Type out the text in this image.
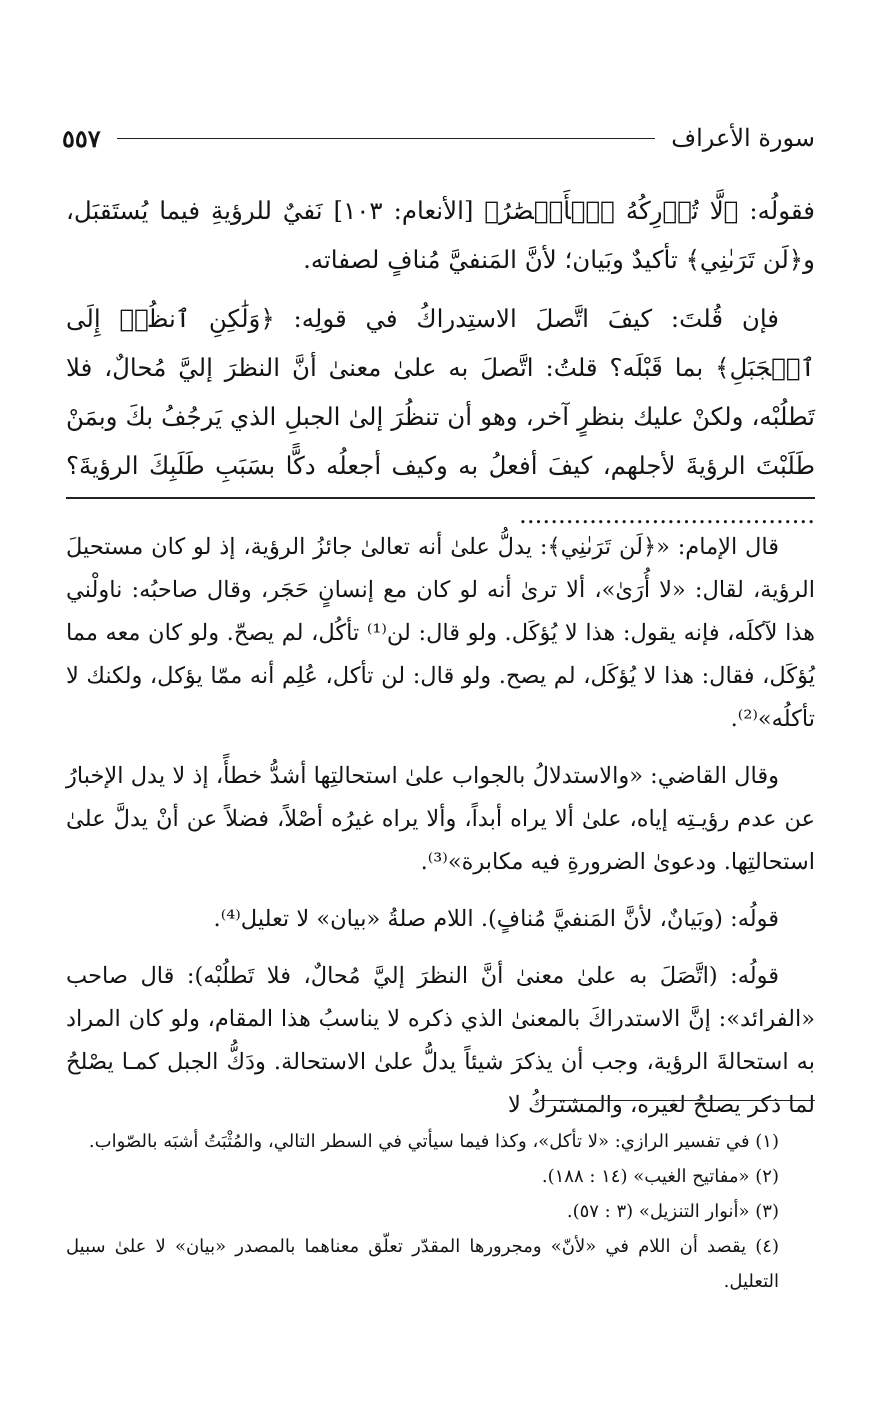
سورة الأعراف
٥٥٧

فقولُه: ﴿لَّا تُدۡرِكُهُ ٱلۡأَبۡصَٰرُ﴾ [الأنعام: ١٠٣] نَفيٌ للرؤيةِ فيما يُستَقبَل، و﴿لَن تَرَىٰنِي﴾ تأكيدٌ وبَيان؛ لأنَّ المَنفيَّ مُنافٍ لصفاته.

فإن قُلتَ: كيفَ اتَّصلَ الاستِدراكُ في قولِه: ﴿وَلَٰكِنِ ٱنظُرۡ إِلَى ٱلۡجَبَلِ﴾ بما قَبْلَه؟ قلتُ: اتَّصلَ به علىٰ معنىٰ أنَّ النظرَ إليَّ مُحالٌ، فلا تَطلُبْه، ولكنْ عليك بنظرٍ آخر، وهو أن تنظُرَ إلىٰ الجبلِ الذي يَرجُفُ بكَ وبمَنْ طَلَبْتَ الرؤيةَ لأجلهم، كيفَ أفعلُ به وكيف أجعلُه دكًّا بسَبَبِ طَلَبِكَ الرؤيةَ؟ ......................................

قال الإمام: «﴿لَن تَرَىٰنِي﴾: يدلُّ علىٰ أنه تعالىٰ جائزُ الرؤية، إذ لو كان مستحيلَ الرؤية، لقال: «لا أُرَىٰ»، ألا ترىٰ أنه لو كان مع إنسانٍ حَجَر، وقال صاحبُه: ناولْني هذا لآكلَه، فإنه يقول: هذا لا يُؤكَل. ولو قال: لن⁽¹⁾ تأكُل، لم يصحّ. ولو كان معه مما يُؤكَل، فقال: هذا لا يُؤكَل، لم يصح. ولو قال: لن تأكل، عُلِم أنه ممّا يؤكل، ولكنك لا تأكلُه»⁽²⁾.

وقال القاضي: «والاستدلالُ بالجواب علىٰ استحالتِها أشدُّ خطأً، إذ لا يدل الإخبارُ عن عدم رؤيـتِه إياه، علىٰ ألا يراه أبداً، وألا يراه غيرُه أصْلاً، فضلاً عن أنْ يدلَّ علىٰ استحالتِها. ودعوىٰ الضرورةِ فيه مكابرة»⁽³⁾.

قولُه: (وبَيانٌ، لأنَّ المَنفيَّ مُنافٍ). اللام صلةُ «بيان» لا تعليل⁽⁴⁾.

قولُه: (اتَّصَلَ به علىٰ معنىٰ أنَّ النظرَ إليَّ مُحالٌ، فلا تَطلُبْه): قال صاحب «الفرائد»: إنَّ الاستدراكَ بالمعنىٰ الذي ذكره لا يناسبُ هذا المقام، ولو كان المراد به استحالةَ الرؤية، وجب أن يذكرَ شيئاً يدلُّ علىٰ الاستحالة. ودَكُّ الجبل كمـا يصْلحُ لما ذكر يصلحُ لغيره، والمشتركُ لا

(١) في تفسير الرازي: «لا تأكل»، وكذا فيما سيأتي في السطر التالي، والمُثْبَتُ أشبَه بالصّواب.

(٢) «مفاتيح الغيب» (١٤ : ١٨٨).

(٣) «أنوار التنزيل» (٣ : ٥٧).

(٤) يقصد أن اللام في «لأنّ» ومجرورها المقدّر تعلّق معناهما بالمصدر «بيان» لا علىٰ سبيل التعليل.
